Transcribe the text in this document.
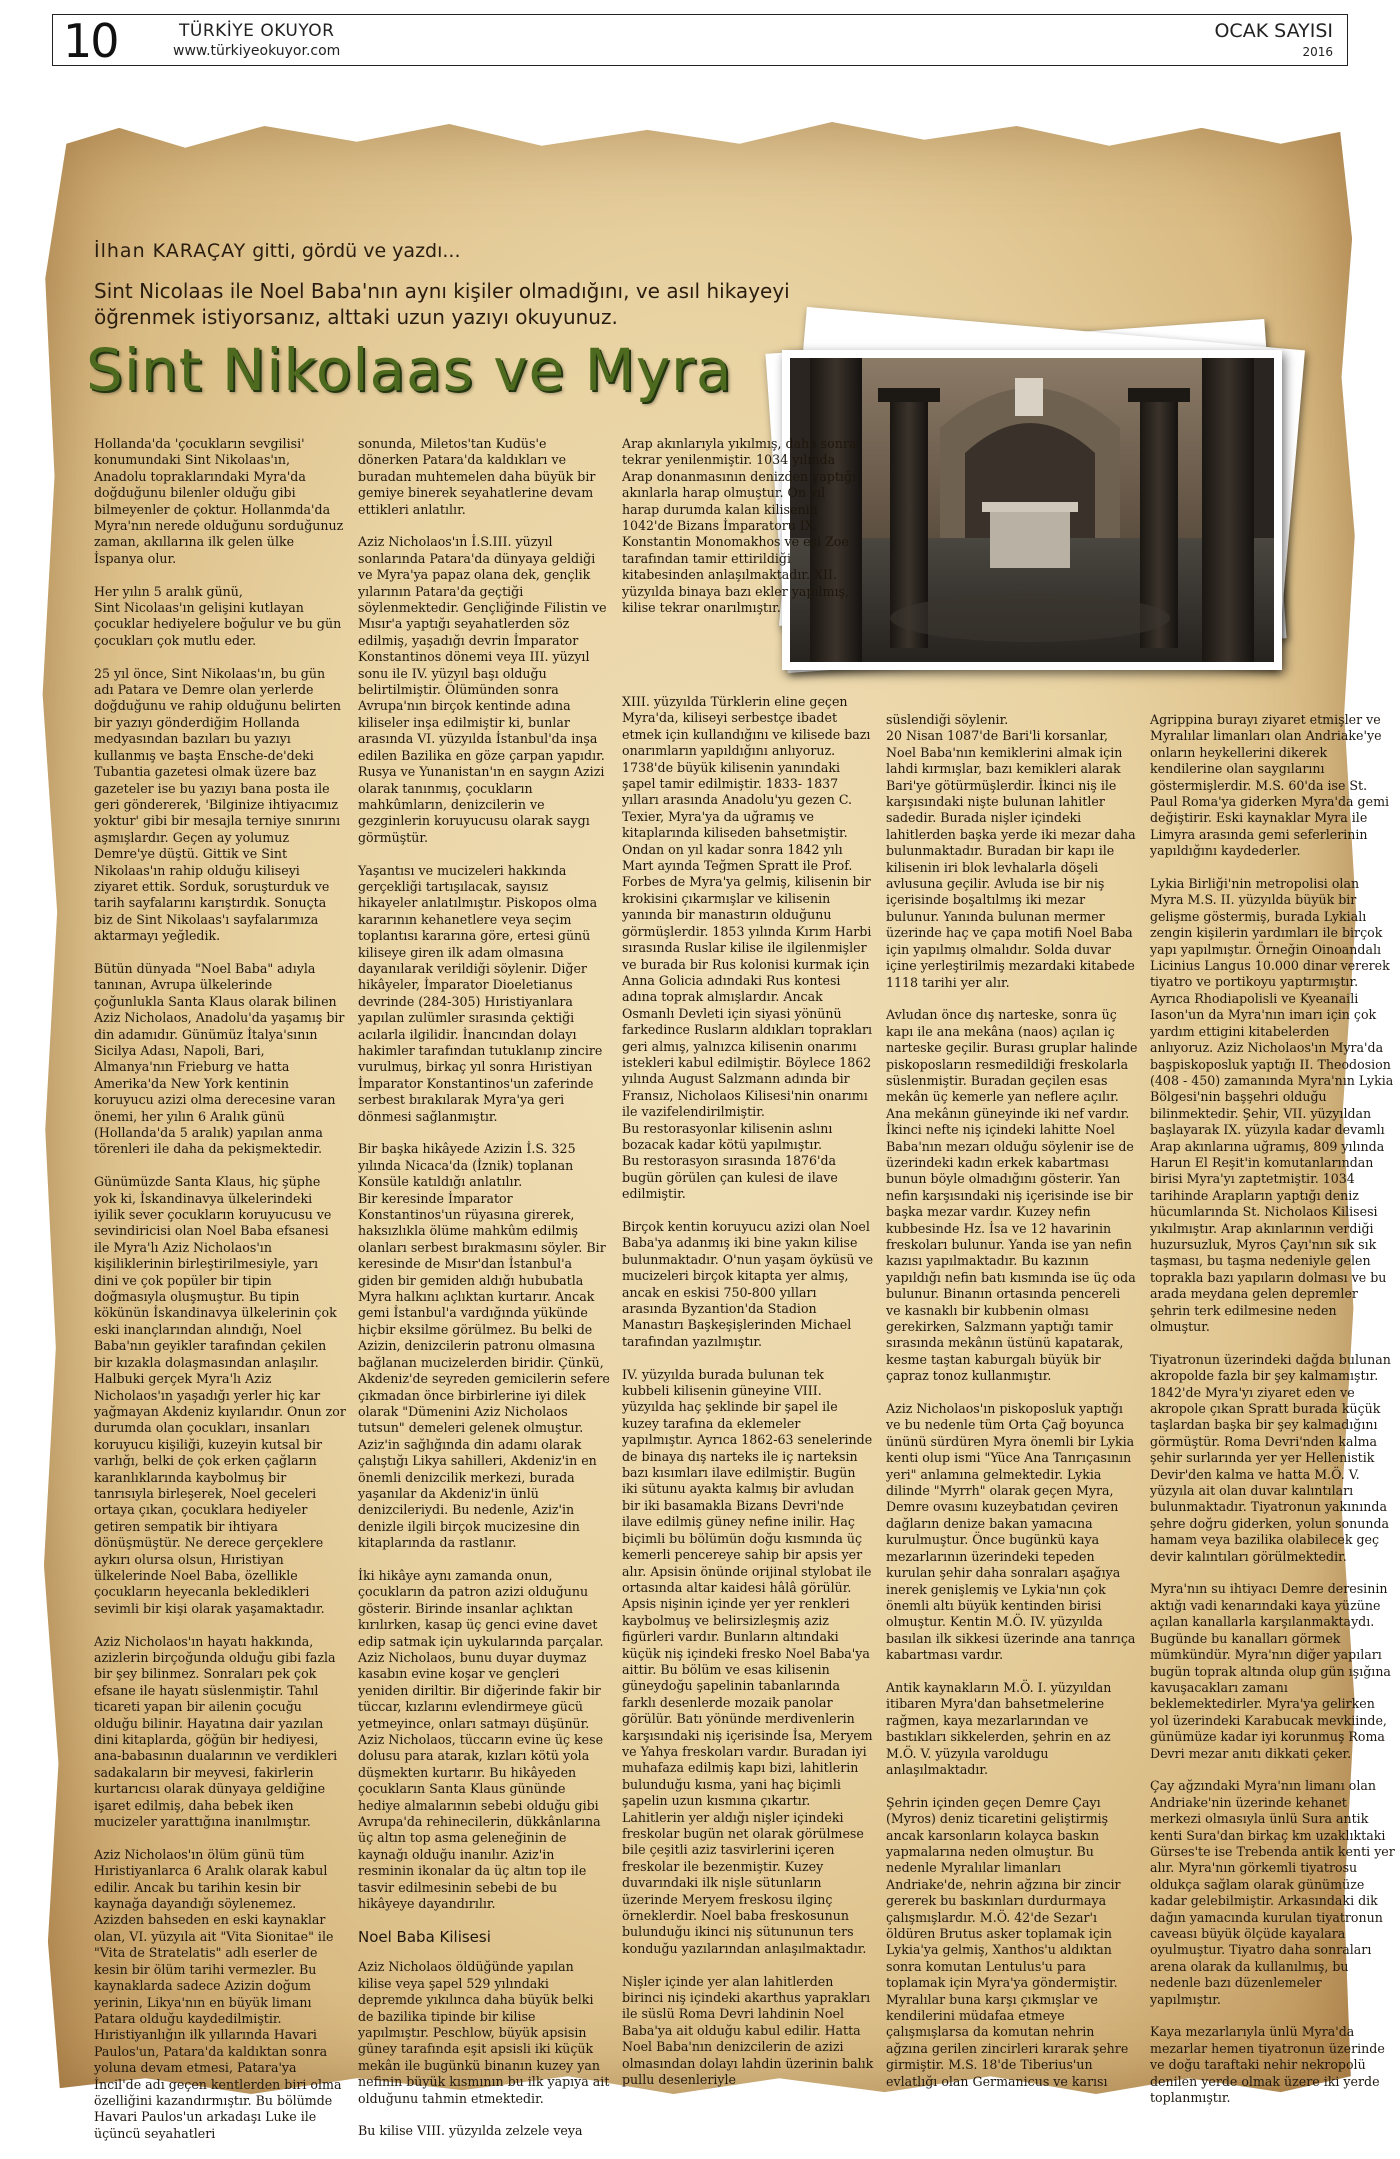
10	TÜRKİYE OKUYOR
www.türkiyeokuyor.com
OCAK SAYISI
2016
İlhan KARAÇAY gitti, gördü ve yazdı...
Sint Nicolaas ile Noel Baba'nın aynı kişiler olmadığını, ve asıl hikayeyi öğrenmek istiyorsanız, alttaki uzun yazıyı okuyunuz.
Sint Nikolaas ve Myra

Hollanda'da 'çocukların sevgilisi' konumundaki Sint Nikolaas'ın, Anadolu topraklarındaki Myra'da doğduğunu bilenler olduğu gibi bilmeyenler de çoktur. Hollanmda'da Myra'nın nerede olduğunu sorduğunuz zaman, akıllarına ilk gelen ülke İspanya olur.

Her yılın 5 aralık günü,
Sint Nicolaas'ın gelişini kutlayan çocuklar hediyelere boğulur ve bu gün çocukları çok mutlu eder.

25 yıl önce, Sint Nikolaas'ın, bu gün adı Patara ve Demre olan yerlerde doğduğunu ve rahip olduğunu belirten bir yazıyı gönderdiğim Hollanda medyasından bazıları bu yazıyı kullanmış ve başta Ensche-de'deki Tubantia gazetesi olmak üzere baz gazeteler ise bu yazıyı bana posta ile geri göndererek, 'Bilginize ihtiyacımız yoktur' gibi bir mesajla terniye sınırını aşmışlardır. Geçen ay yolumuz Demre'ye düştü. Gittik ve Sint Nikolaas'ın rahip olduğu kiliseyi ziyaret ettik. Sorduk, soruşturduk ve tarih sayfalarını karıştırdık. Sonuçta biz de Sint Nikolaas'ı sayfalarımıza aktarmayı yeğledik.

Bütün dünyada "Noel Baba" adıyla tanınan, Avrupa ülkelerinde çoğunlukla Santa Klaus olarak bilinen Aziz Nicholaos, Anadolu'da yaşamış bir din adamıdır. Günümüz İtalya'sının Sicilya Adası, Napoli, Bari, Almanya'nın Frieburg ve hatta Amerika'da New York kentinin koruyucu azizi olma derecesine varan önemi, her yılın 6 Aralık günü (Hollanda'da 5 aralık) yapılan anma törenleri ile daha da pekişmektedir.

Günümüzde Santa Klaus, hiç şüphe yok ki, İskandinavya ülkelerindeki iyilik sever çocukların koruyucusu ve sevindiricisi olan Noel Baba efsanesi ile Myra'lı Aziz Nicholaos'ın kişiliklerinin birleştirilmesiyle, yarı dini ve çok popüler bir tipin doğmasıyla oluşmuştur. Bu tipin kökünün İskandinavya ülkelerinin çok eski inançlarından alındığı, Noel Baba'nın geyikler tarafından çekilen bir kızakla dolaşmasından anlaşılır. Halbuki gerçek Myra'lı Aziz Nicholaos'ın yaşadığı yerler hiç kar yağmayan Akdeniz kıyılarıdır. Onun zor durumda olan çocukları, insanları koruyucu kişiliği, kuzeyin kutsal bir varlığı, belki de çok erken çağların karanlıklarında kaybolmuş bir tanrısıyla birleşerek, Noel geceleri ortaya çıkan, çocuklara hediyeler getiren sempatik bir ihtiyara dönüşmüştür. Ne derece gerçeklere aykırı olursa olsun, Hıristiyan ülkelerinde Noel Baba, özellikle çocukların heyecanla bekledikleri sevimli bir kişi olarak yaşamaktadır.

Aziz Nicholaos'ın hayatı hakkında, azizlerin birçoğunda olduğu gibi fazla bir şey bilinmez. Sonraları pek çok efsane ile hayatı süslenmiştir. Tahıl ticareti yapan bir ailenin çocuğu olduğu bilinir. Hayatına dair yazılan dini kitaplarda, göğün bir hediyesi, ana-babasının dualarının ve verdikleri sadakaların bir meyvesi, fakirlerin kurtarıcısı olarak dünyaya geldiğine işaret edilmiş, daha bebek iken mucizeler yarattığına inanılmıştır.

Aziz Nicholaos'ın ölüm günü tüm Hıristiyanlarca 6 Aralık olarak kabul edilir. Ancak bu tarihin kesin bir kaynağa dayandığı söylenemez. Azizden bahseden en eski kaynaklar olan, VI. yüzyıla ait "Vita Sionitae" ile "Vita de Stratelatis" adlı eserler de kesin bir ölüm tarihi vermezler. Bu kaynaklarda sadece Azizin doğum yerinin, Likya'nın en büyük limanı Patara olduğu kaydedilmiştir. Hıristiyanlığın ilk yıllarında Havari Paulos'un, Patara'da kaldıktan sonra yoluna devam etmesi, Patara'ya İncil'de adı geçen kentlerden biri olma özelliğini kazandırmıştır. Bu bölümde Havari Paulos'un arkadaşı Luke ile üçüncü seyahatleri

sonunda, Miletos'tan Kudüs'e dönerken Patara'da kaldıkları ve buradan muhtemelen daha büyük bir gemiye binerek seyahatlerine devam ettikleri anlatılır.

Aziz Nicholaos'ın İ.S.III. yüzyıl sonlarında Patara'da dünyaya geldiği ve Myra'ya papaz olana dek, gençlik yılarının Patara'da geçtiği söylenmektedir. Gençliğinde Filistin ve Mısır'a yaptığı seyahatlerden söz edilmiş, yaşadığı devrin İmparator Konstantinos dönemi veya III. yüzyıl sonu ile IV. yüzyıl başı olduğu belirtilmiştir. Ölümünden sonra Avrupa'nın birçok kentinde adına kiliseler inşa edilmiştir ki, bunlar arasında VI. yüzyılda İstanbul'da inşa edilen Bazilika en göze çarpan yapıdır. Rusya ve Yunanistan'ın en saygın Azizi olarak tanınmış, çocukların mahkûmların, denizcilerin ve gezginlerin koruyucusu olarak saygı görmüştür.

Yaşantısı ve mucizeleri hakkında gerçekliği tartışılacak, sayısız hikayeler anlatılmıştır. Piskopos olma kararının kehanetlere veya seçim toplantısı kararına göre, ertesi günü kiliseye giren ilk adam olmasına dayanılarak verildiği söylenir. Diğer hikâyeler, İmparator Dioeletianus devrinde (284-305) Hıristiyanlara yapılan zulümler sırasında çektiği acılarla ilgilidir. İnancından dolayı hakimler tarafından tutuklanıp zincire vurulmuş, birkaç yıl sonra Hıristiyan İmparator Konstantinos'un zaferinde serbest bırakılarak Myra'ya geri dönmesi sağlanmıştır.

Bir başka hikâyede Azizin İ.S. 325 yılında Nicaca'da (İznik) toplanan Konsüle katıldığı anlatılır.
Bir keresinde İmparator Konstantinos'un rüyasına girerek, haksızlıkla ölüme mahkûm edilmiş olanları serbest bırakmasını söyler. Bir keresinde de Mısır'dan İstanbul'a giden bir gemiden aldığı hububatla Myra halkını açlıktan kurtarır. Ancak gemi İstanbul'a vardığında yükünde hiçbir eksilme görülmez. Bu belki de Azizin, denizcilerin patronu olmasına bağlanan mucizelerden biridir. Çünkü, Akdeniz'de seyreden gemicilerin sefere çıkmadan önce birbirlerine iyi dilek olarak "Dümenini Aziz Nicholaos tutsun" demeleri gelenek olmuştur. Aziz'in sağlığında din adamı olarak çalıştığı Likya sahilleri, Akdeniz'in en önemli denizcilik merkezi, burada yaşanılar da Akdeniz'in ünlü denizcileriydi. Bu nedenle, Aziz'in denizle ilgili birçok mucizesine din kitaplarında da rastlanır.

İki hikâye aynı zamanda onun, çocukların da patron azizi olduğunu gösterir. Birinde insanlar açlıktan kırılırken, kasap üç genci evine davet edip satmak için uykularında parçalar. Aziz Nicholaos, bunu duyar duymaz kasabın evine koşar ve gençleri yeniden diriltir. Bir diğerinde fakir bir tüccar, kızlarını evlendirmeye gücü yetmeyince, onları satmayı düşünür. Aziz Nicholaos, tüccarın evine üç kese dolusu para atarak, kızları kötü yola düşmekten kurtarır. Bu hikâyeden çocukların Santa Klaus gününde hediye almalarının sebebi olduğu gibi Avrupa'da rehinecilerin, dükkânlarına üç altın top asma geleneğinin de kaynağı olduğu inanılır. Aziz'in resminin ikonalar da üç altın top ile tasvir edilmesinin sebebi de bu hikâyeye dayandırılır.

Noel Baba Kilisesi

Aziz Nicholaos öldüğünde yapılan kilise veya şapel 529 yılındaki depremde yıkılınca daha büyük belki de bazilika tipinde bir kilise yapılmıştır. Peschlow, büyük apsisin güney tarafında eşit apsisli iki küçük mekân ile bugünkü binanın kuzey yan nefinin büyük kısmının bu ilk yapıya ait olduğunu tahmin etmektedir.

Bu kilise VIII. yüzyılda zelzele veya

Arap akınlarıyla yıkılmış, daha sonra tekrar yenilenmiştir. 1034 yılında Arap donanmasının denizden yaptığı akınlarla harap olmuştur. On yıl harap durumda kalan kilisenin 1042'de Bizans İmparatoru IX. Konstantin Monomakhos ve eşi Zoe tarafından tamir ettirildiği kitabesinden anlaşılmaktadır. XII. yüzyılda binaya bazı ekler yapılmış, kilise tekrar onarılmıştır.

XIII. yüzyılda Türklerin eline geçen Myra'da, kiliseyi serbestçe ibadet etmek için kullandığını ve kilisede bazı onarımların yapıldığını anlıyoruz. 1738'de büyük kilisenin yanındaki şapel tamir edilmiştir. 1833- 1837 yılları arasında Anadolu'yu gezen C. Texier, Myra'ya da uğramış ve kitaplarında kiliseden bahsetmiştir. Ondan on yıl kadar sonra 1842 yılı Mart ayında Teğmen Spratt ile Prof. Forbes de Myra'ya gelmiş, kilisenin bir krokisini çıkarmışlar ve kilisenin yanında bir manastırın olduğunu görmüşlerdir. 1853 yılında Kırım Harbi sırasında Ruslar kilise ile ilgilenmişler ve burada bir Rus kolonisi kurmak için Anna Golicia adındaki Rus kontesi adına toprak almışlardır. Ancak Osmanlı Devleti için siyasi yönünü farkedince Rusların aldıkları toprakları geri almış, yalnızca kilisenin onarımı istekleri kabul edilmiştir. Böylece 1862 yılında August Salzmann adında bir Fransız, Nicholaos Kilisesi'nin onarımı ile vazifelendirilmiştir.
Bu restorasyonlar kilisenin aslını bozacak kadar kötü yapılmıştır.
Bu restorasyon sırasında 1876'da bugün görülen çan kulesi de ilave edilmiştir.

Birçok kentin koruyucu azizi olan Noel Baba'ya adanmış iki bine yakın kilise bulunmaktadır. O'nun yaşam öyküsü ve mucizeleri birçok kitapta yer almış, ancak en eskisi 750-800 yılları arasında Byzantion'da Stadion Manastırı Başkeşişlerinden Michael tarafından yazılmıştır.

IV. yüzyılda burada bulunan tek kubbeli kilisenin güneyine VIII. yüzyılda haç şeklinde bir şapel ile kuzey tarafına da eklemeler yapılmıştır. Ayrıca 1862-63 senelerinde de binaya dış narteks ile iç narteksin bazı kısımları ilave edilmiştir. Bugün iki sütunu ayakta kalmış bir avludan bir iki basamakla Bizans Devri'nde ilave edilmiş güney nefine inilir. Haç biçimli bu bölümün doğu kısmında üç kemerli pencereye sahip bir apsis yer alır. Apsisin önünde orijinal stylobat ile ortasında altar kaidesi hâlâ görülür. Apsis nişinin içinde yer yer renkleri kaybolmuş ve belirsizleşmiş aziz figürleri vardır. Bunların altındaki küçük niş içindeki fresko Noel Baba'ya aittir. Bu bölüm ve esas kilisenin güneydoğu şapelinin tabanlarında farklı desenlerde mozaik panolar görülür. Batı yönünde merdivenlerin karşısındaki niş içerisinde İsa, Meryem ve Yahya freskoları vardır. Buradan iyi muhafaza edilmiş kapı bizi, lahitlerin bulunduğu kısma, yani haç biçimli şapelin uzun kısmına çıkartır. Lahitlerin yer aldığı nişler içindeki freskolar bugün net olarak görülmese bile çeşitli aziz tasvirlerini içeren freskolar ile bezenmiştir. Kuzey duvarındaki ilk nişle sütunların üzerinde Meryem freskosu ilginç örneklerdir. Noel baba freskosunun bulunduğu ikinci niş sütununun ters konduğu yazılarından anlaşılmaktadır.

Nişler içinde yer alan lahitlerden birinci niş içindeki akarthus yaprakları ile süslü Roma Devri lahdinin Noel Baba'ya ait olduğu kabul edilir. Hatta Noel Baba'nın denizcilerin de azizi olmasından dolayı lahdin üzerinin balık pullu desenleriyle

süslendiği söylenir.
20 Nisan 1087'de Bari'li korsanlar, Noel Baba'nın kemiklerini almak için lahdi kırmışlar, bazı kemikleri alarak Bari'ye götürmüşlerdir. İkinci niş ile karşısındaki nişte bulunan lahitler sadedir. Burada nişler içindeki lahitlerden başka yerde iki mezar daha bulunmaktadır. Buradan bir kapı ile kilisenin iri blok levhalarla döşeli avlusuna geçilir. Avluda ise bir niş içerisinde boşaltılmış iki mezar bulunur. Yanında bulunan mermer üzerinde haç ve çapa motifi Noel Baba için yapılmış olmalıdır. Solda duvar içine yerleştirilmiş mezardaki kitabede 1118 tarihi yer alır.

Avludan önce dış narteske, sonra üç kapı ile ana mekâna (naos) açılan iç narteske geçilir. Burası gruplar halinde piskoposların resmedildiği freskolarla süslenmiştir. Buradan geçilen esas mekân üç kemerle yan neflere açılır. Ana mekânın güneyinde iki nef vardır. İkinci nefte niş içindeki lahitte Noel Baba'nın mezarı olduğu söylenir ise de üzerindeki kadın erkek kabartması bunun böyle olmadığını gösterir. Yan nefin karşısındaki niş içerisinde ise bir başka mezar vardır. Kuzey nefin kubbesinde Hz. İsa ve 12 havarinin freskoları bulunur. Yanda ise yan nefin kazısı yapılmaktadır. Bu kazının yapıldığı nefin batı kısmında ise üç oda bulunur. Binanın ortasında pencereli ve kasnaklı bir kubbenin olması gerekirken, Salzmann yaptığı tamir sırasında mekânın üstünü kapatarak, kesme taştan kaburgalı büyük bir çapraz tonoz kullanmıştır.

Aziz Nicholaos'ın piskoposluk yaptığı ve bu nedenle tüm Orta Çağ boyunca ününü sürdüren Myra önemli bir Lykia kenti olup ismi "Yüce Ana Tanrıçasının yeri" anlamına gelmektedir. Lykia dilinde "Myrrh" olarak geçen Myra, Demre ovasını kuzeybatıdan çeviren dağların denize bakan yamacına kurulmuştur. Önce bugünkü kaya mezarlarının üzerindeki tepeden kurulan şehir daha sonraları aşağıya inerek genişlemiş ve Lykia'nın çok önemli altı büyük kentinden birisi olmuştur. Kentin M.Ö. IV. yüzyılda basılan ilk sikkesi üzerinde ana tanrıça kabartması vardır.

Antik kaynakların M.Ö. I. yüzyıldan itibaren Myra'dan bahsetmelerine rağmen, kaya mezarlarından ve bastıkları sikkelerden, şehrin en az M.Ö. V. yüzyıla varoldugu anlaşılmaktadır.

Şehrin içinden geçen Demre Çayı (Myros) deniz ticaretini geliştirmiş ancak karsonların kolayca baskın yapmalarına neden olmuştur. Bu nedenle Myralılar limanları Andriake'de, nehrin ağzına bir zincir gererek bu baskınları durdurmaya çalışmışlardır. M.Ö. 42'de Sezar'ı öldüren Brutus asker toplamak için Lykia'ya gelmiş, Xanthos'u aldıktan sonra komutan Lentulus'u para toplamak için Myra'ya göndermiştir. Myralılar buna karşı çıkmışlar ve kendilerini müdafaa etmeye çalışmışlarsa da komutan nehrin ağzına gerilen zincirleri kırarak şehre girmiştir. M.S. 18'de Tiberius'un evlatlığı olan Germanicus ve karısı

Agrippina burayı ziyaret etmişler ve Myralılar limanları olan Andriake'ye onların heykellerini dikerek kendilerine olan saygılarını göstermişlerdir. M.S. 60'da ise St. Paul Roma'ya giderken Myra'da gemi değiştirir. Eski kaynaklar Myra ile Limyra arasında gemi seferlerinin yapıldığını kaydederler.

Lykia Birliği'nin metropolisi olan Myra M.S. II. yüzyılda büyük bir gelişme göstermiş, burada Lykialı zengin kişilerin yardımları ile birçok yapı yapılmıştır. Örneğin Oinoandalı Licinius Langus 10.000 dinar vererek tiyatro ve portikoyu yaptırmıştır. Ayrıca Rhodiapolisli ve Kyeanaili Iason'un da Myra'nın imarı için çok yardım ettigini kitabelerden anlıyoruz. Aziz Nicholaos'ın Myra'da başpiskoposluk yaptığı II. Theodosion (408 - 450) zamanında Myra'nın Lykia Bölgesi'nin başşehri olduğu bilinmektedir. Şehir, VII. yüzyıldan başlayarak IX. yüzyıla kadar devamlı Arap akınlarına uğramış, 809 yılında Harun El Reşit'in komutanlarından birisi Myra'yı zaptetmiştir. 1034 tarihinde Arapların yaptığı deniz hücumlarında St. Nicholaos Kilisesi yıkılmıştır. Arap akınlarının verdiği huzursuzluk, Myros Çayı'nın sık sık taşması, bu taşma nedeniyle gelen toprakla bazı yapıların dolması ve bu arada meydana gelen depremler şehrin terk edilmesine neden olmuştur.

Tiyatronun üzerindeki dağda bulunan akropolde fazla bir şey kalmamıştır. 1842'de Myra'yı ziyaret eden ve akropole çıkan Spratt burada küçük taşlardan başka bir şey kalmadığını görmüştür. Roma Devri'nden kalma şehir surlarında yer yer Hellenistik Devir'den kalma ve hatta M.Ö. V. yüzyıla ait olan duvar kalıntıları bulunmaktadır. Tiyatronun yakınında şehre doğru giderken, yolun sonunda hamam veya bazilika olabilecek geç devir kalıntıları görülmektedir.

Myra'nın su ihtiyacı Demre deresinin aktığı vadi kenarındaki kaya yüzüne açılan kanallarla karşılanmaktaydı. Bugünde bu kanalları görmek mümkündür. Myra'nın diğer yapıları bugün toprak altında olup gün ışığına kavuşacakları zamanı beklemektedirler. Myra'ya gelirken yol üzerindeki Karabucak mevkiinde, günümüze kadar iyi korunmuş Roma Devri mezar anıtı dikkati çeker.

Çay ağzındaki Myra'nın limanı olan Andriake'nin üzerinde kehanet merkezi olmasıyla ünlü Sura antik kenti Sura'dan birkaç km uzaklıktaki Gürses'te ise Trebenda antik kenti yer alır. Myra'nın görkemli tiyatrosu oldukça sağlam olarak günümüze kadar gelebilmiştir. Arkasındaki dik dağın yamacında kurulan tiyatronun caveası büyük ölçüde kayalara oyulmuştur. Tiyatro daha sonraları arena olarak da kullanılmış, bu nedenle bazı düzenlemeler yapılmıştır.

Kaya mezarlarıyla ünlü Myra'da mezarlar hemen tiyatronun üzerinde ve doğu taraftaki nehir nekropolü denilen yerde olmak üzere iki yerde toplanmıştır.
